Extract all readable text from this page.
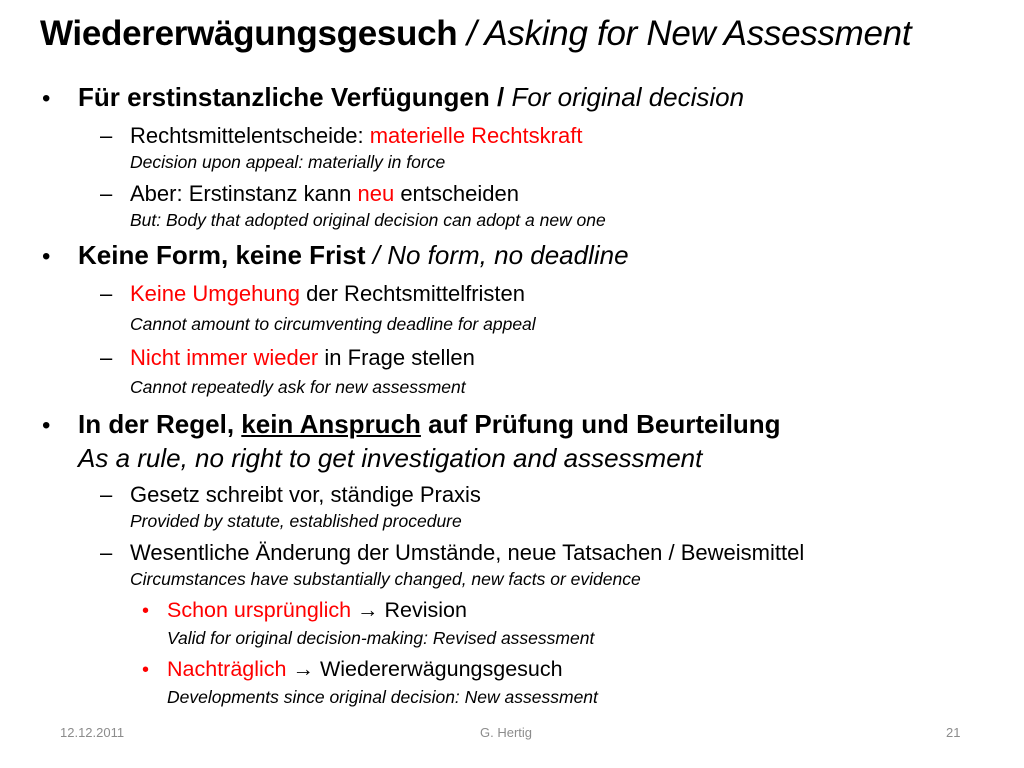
Wiedererwägungsgesuch / Asking for New Assessment
• Für erstinstanzliche Verfügungen / For original decision
– Rechtsmittelentscheide: materielle Rechtskraft
Decision upon appeal: materially in force
– Aber: Erstinstanz kann neu entscheiden
But: Body that adopted original decision can adopt a new one
• Keine Form, keine Frist / No form, no deadline
– Keine Umgehung der Rechtsmittelfristen
Cannot amount to circumventing deadline for appeal
– Nicht immer wieder in Frage stellen
Cannot repeatedly ask for new assessment
• In der Regel, kein Anspruch auf Prüfung und Beurteilung
As a rule, no right to get investigation and assessment
– Gesetz schreibt vor, ständige Praxis
Provided by statute, established procedure
– Wesentliche Änderung der Umstände, neue Tatsachen / Beweismittel
Circumstances have substantially changed, new facts or evidence
• Schon ursprünglich → Revision
Valid for original decision-making: Revised assessment
• Nachträglich → Wiedererwägungsgesuch
Developments since original decision: New assessment
12.12.2011	G. Hertig	21
